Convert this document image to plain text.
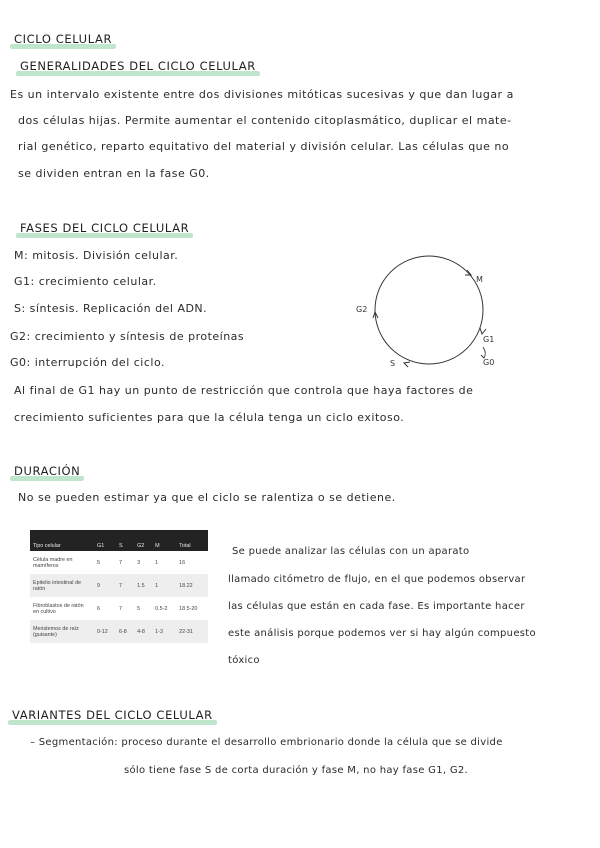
CICLO CELULAR
GENERALIDADES DEL CICLO CELULAR
Es un intervalo existente entre dos divisiones mitóticas sucesivas y que dan lugar a
dos células hijas. Permite aumentar el contenido citoplasmático, duplicar el mate-
rial genético, reparto equitativo del material y división celular. Las células que no
se dividen entran en la fase G0.
FASES DEL CICLO CELULAR
M: mitosis. División celular.
G1: crecimiento celular.
S: síntesis. Replicación del ADN.
G2: crecimiento y síntesis de proteínas
G0: interrupción del ciclo.
M
G1
G0
S
G2
Al final de G1 hay un punto de restricción que controla que haya factores de
crecimiento suficientes para que la célula tenga un ciclo exitoso.
DURACIÓN
No se pueden estimar ya que el ciclo se ralentiza o se detiene.
Tipo celular	G1	S	G2	M	Total
Célula madre en mamíferos	5	7	3	1	16
Epitelio intestinal de ratón	9	7	1.5	1	18.22
Fibroblastos de ratón en cultivo	6	7	5	0.5-2	18.5-20
Meristemos de raíz (guisante)	0-12	6-8	4-8	1-3	22-31
Se puede analizar las células con un aparato
llamado citómetro de flujo, en el que podemos observar
las células que están en cada fase. Es importante hacer
este análisis porque podemos ver si hay algún compuesto
tóxico
VARIANTES DEL CICLO CELULAR
– Segmentación: proceso durante el desarrollo embrionario donde la célula que se divide
sólo tiene fase S de corta duración y fase M, no hay fase G1, G2.
